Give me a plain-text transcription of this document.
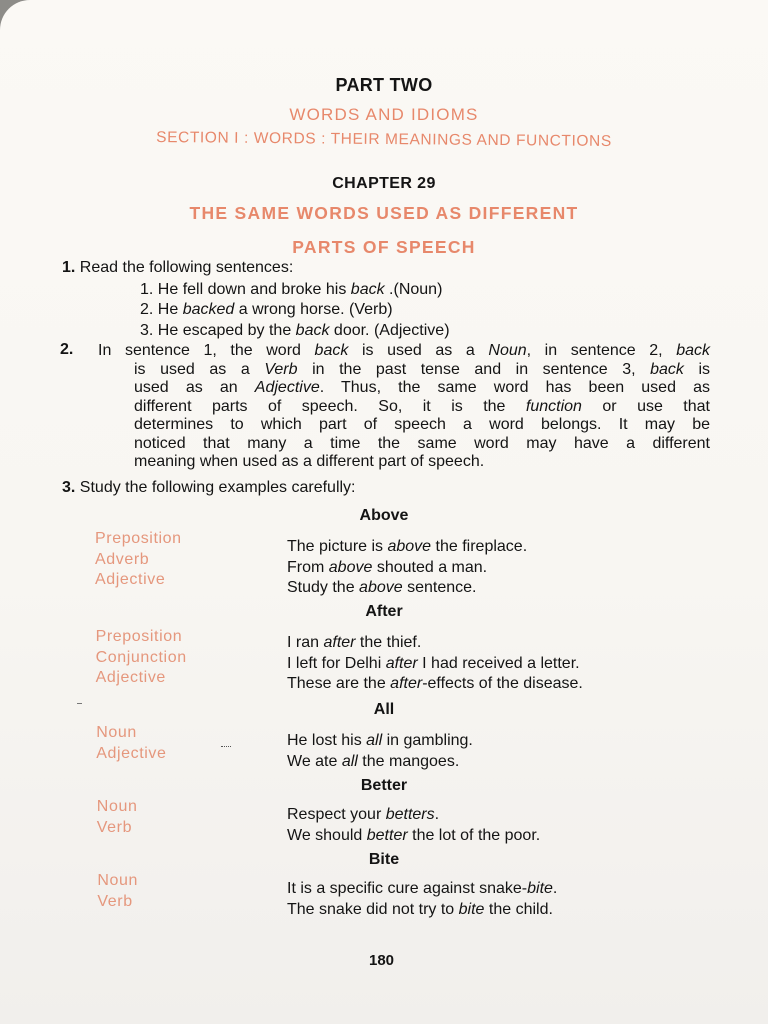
PART TWO
WORDS AND IDIOMS
SECTION I : WORDS : THEIR MEANINGS AND FUNCTIONS
CHAPTER 29
THE SAME WORDS USED AS DIFFERENT
PARTS OF SPEECH
1. Read the following sentences:
1. He fell down and broke his back .(Noun)
2. He backed a wrong horse. (Verb)
3. He escaped by the back door. (Adjective)
2. In sentence 1, the word back is used as a Noun, in sentence 2, back
is used as a Verb in the past tense and in sentence 3, back is
used as an Adjective. Thus, the same word has been used as
different parts of speech. So, it is the function or use that
determines to which part of speech a word belongs. It may be
noticed that many a time the same word may have a different
meaning when used as a different part of speech.
3. Study the following examples carefully:
Above
Preposition
Adverb
Adjective
The picture is above the fireplace.
From above shouted a man.
Study the above sentence.
After
Preposition
Conjunction
Adjective
I ran after the thief.
I left for Delhi after I had received a letter.
These are the after-effects of the disease.
All
Noun
Adjective
He lost his all in gambling.
We ate all the mangoes.
Better
Noun
Verb
Respect your betters.
We should better the lot of the poor.
Bite
Noun
Verb
It is a specific cure against snake-bite.
The snake did not try to bite the child.
180
